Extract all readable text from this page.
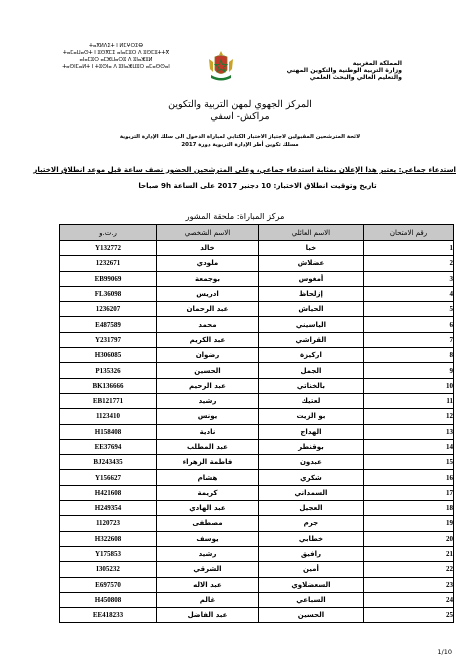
ⵜⴰⴳⵍⴷⵉⵜ ⵏ ⵍⵎⵖⵔⵉⴱ
ⵜⴰⵎⴰⵡⴰⵙⵜ ⵏ ⵓⵙⴳⵎⵉ ⴰⵏⴰⵎⵓⵔ ⴷ ⵓⵙⵎⵓⵜⵜⴳ
ⴰⵏⴰⵎⵓⵔ ⴰⵎⵣⵡⴰⵔⵓ ⴷ ⵓⵏⴰⵣⵓⵍ
ⵜⴰⵙⵏⵎⴰⵍⵜ ⵏ ⵜⵓⵙⵏⴰ ⴷ ⵓⵏⵏⴰⵣⵡⵓⵔ ⴰⵎⴰⵙⵙⴰⵏ	المملكة المغربية
وزارة التربية الوطنية والتكوين المهني
والتعليم العالي والبحث العلمي
المركز الجهوي لمهن التربية والتكوين
مراكش- اسفي
لائحة المترشحين المقبولين لاجتياز الاختبار الكتابي لمباراة الدخول الى سلك الإدارة التربوية
مسلك تكوين أطر الإدارة التربوية دورة 2017
استدعاء جماعي: يعتبر هذا الإعلان بمثابة استدعاء جماعي، وعلى المترشحين الحضور نصف ساعة قبل موعد انطلاق الاختبار
تاريخ وتوقيت انطلاق الاختبار: 10 دجنبر 2017 على الساعة 9h صباحا
مركز المباراة: ملحقة المشور
ر.ت.و	الاسم الشخصي	الاسم العائلي	رقم الامتحان
Y132772	خالد	خبا	1
1232671	ملودي	عضلاش	2
EB99069	بوجمعة	أمغوس	3
FL36098	ادريس	إزلحاظ	4
1236207	عبد الرحمان	الحياش	5
E487589	محمد	الياسيني	6
Y231797	عبد الكريم	القراشي	7
H306085	رضوان	اركيزة	8
P135326	الحسين	الجمل	9
BK136666	عبد الرحيم	بالخناتي	10
EB121771	رشيد	لعتيك	11
1123410	يونس	بو الزيت	12
H158408	نادية	الهداج	13
EE37694	عبد المطلب	بوقنطر	14
BJ243435	فاطمة الزهراء	عبدون	15
Y156627	هشام	شكري	16
H421608	كريمة	السمداني	17
H249354	عبد الهادي	العجيل	18
1120723	مصطفى	جرم	19
H322608	يوسف	خطابي	20
Y175853	رشيد	رافيق	21
I305232	الشرقي	أمين	22
E697570	عبد الاله	السعضلاوي	23
H450808	غالم	السباعي	24
EE418233	عبد الفاضل	الحسين	25
1/10
